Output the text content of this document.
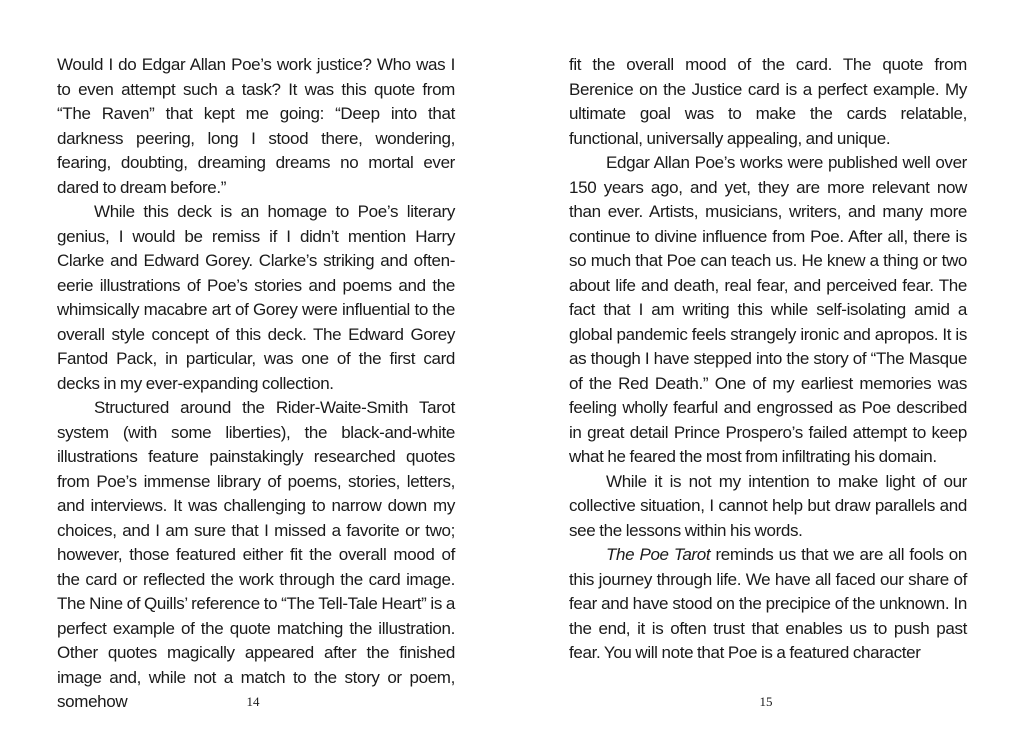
Would I do Edgar Allan Poe’s work justice? Who was I to even attempt such a task? It was this quote from “The Raven” that kept me going: “Deep into that darkness peering, long I stood there, wondering, fearing, doubting, dreaming dreams no mortal ever dared to dream before.”

While this deck is an homage to Poe’s literary genius, I would be remiss if I didn’t mention Harry Clarke and Edward Gorey. Clarke’s striking and often-eerie illustrations of Poe’s stories and poems and the whimsically macabre art of Gorey were influential to the overall style concept of this deck. The Edward Gorey Fantod Pack, in particular, was one of the first card decks in my ever-expanding collection.

Structured around the Rider-Waite-Smith Tarot system (with some liberties), the black-and-white illustrations feature painstakingly researched quotes from Poe’s immense library of poems, stories, letters, and interviews. It was challenging to narrow down my choices, and I am sure that I missed a favorite or two; however, those featured either fit the overall mood of the card or reflected the work through the card image. The Nine of Quills’ reference to “The Tell-Tale Heart” is a perfect example of the quote matching the illustration. Other quotes magically appeared after the finished image and, while not a match to the story or poem, somehow	14

fit the overall mood of the card. The quote from Berenice on the Justice card is a perfect example. My ultimate goal was to make the cards relatable, functional, universally appealing, and unique.

Edgar Allan Poe’s works were published well over 150 years ago, and yet, they are more relevant now than ever. Artists, musicians, writers, and many more continue to divine influence from Poe. After all, there is so much that Poe can teach us. He knew a thing or two about life and death, real fear, and perceived fear. The fact that I am writing this while self-isolating amid a global pandemic feels strangely ironic and apropos. It is as though I have stepped into the story of “The Masque of the Red Death.” One of my earliest memories was feeling wholly fearful and engrossed as Poe described in great detail Prince Prospero’s failed attempt to keep what he feared the most from infiltrating his domain.

While it is not my intention to make light of our collective situation, I cannot help but draw parallels and see the lessons within his words.

The Poe Tarot reminds us that we are all fools on this journey through life. We have all faced our share of fear and have stood on the precipice of the unknown. In the end, it is often trust that enables us to push past fear. You will note that Poe is a featured character

15
